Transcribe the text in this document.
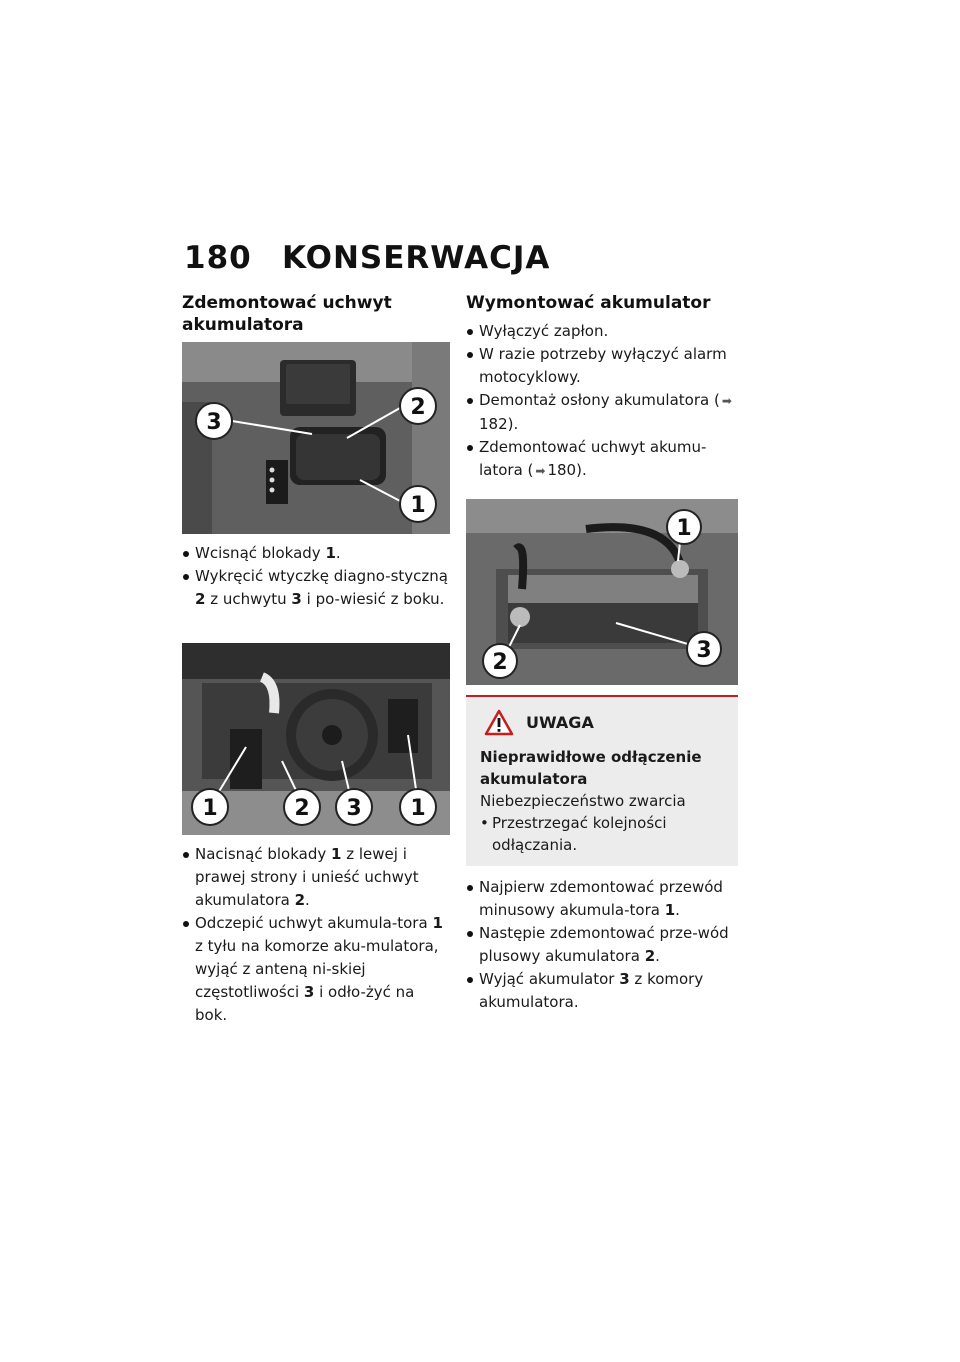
180 KONSERWACJA
Zdemontować uchwyt akumulatora
3
2
1
Wcisnąć blokady 1.
Wykręcić wtyczkę diagno-styczną 2 z uchwytu 3 i po-wiesić z boku.
1	2 3 1
Nacisnąć blokady 1 z lewej i prawej strony i unieść uchwyt akumulatora 2.
Odczepić uchwyt akumula-tora 1 z tyłu na komorze aku-mulatora, wyjąć z anteną ni-skiej częstotliwości 3 i odło-żyć na bok.
Wymontować akumulator
Wyłączyć zapłon.
W razie potrzeby wyłączyć alarm motocyklowy.
Demontaż osłony akumulatora ( ➡182).
Zdemontować uchwyt akumu-latora ( ➡ 180).
1
2	3
UWAGA
Nieprawidłowe odłączenie akumulatora
Niebezpieczeństwo zwarcia
• Przestrzegać kolejności odłączania.
Najpierw zdemontować przewód minusowy akumula-tora 1.
Następie zdemontować prze-wód plusowy akumulatora 2.
Wyjąć akumulator 3 z komory akumulatora.
